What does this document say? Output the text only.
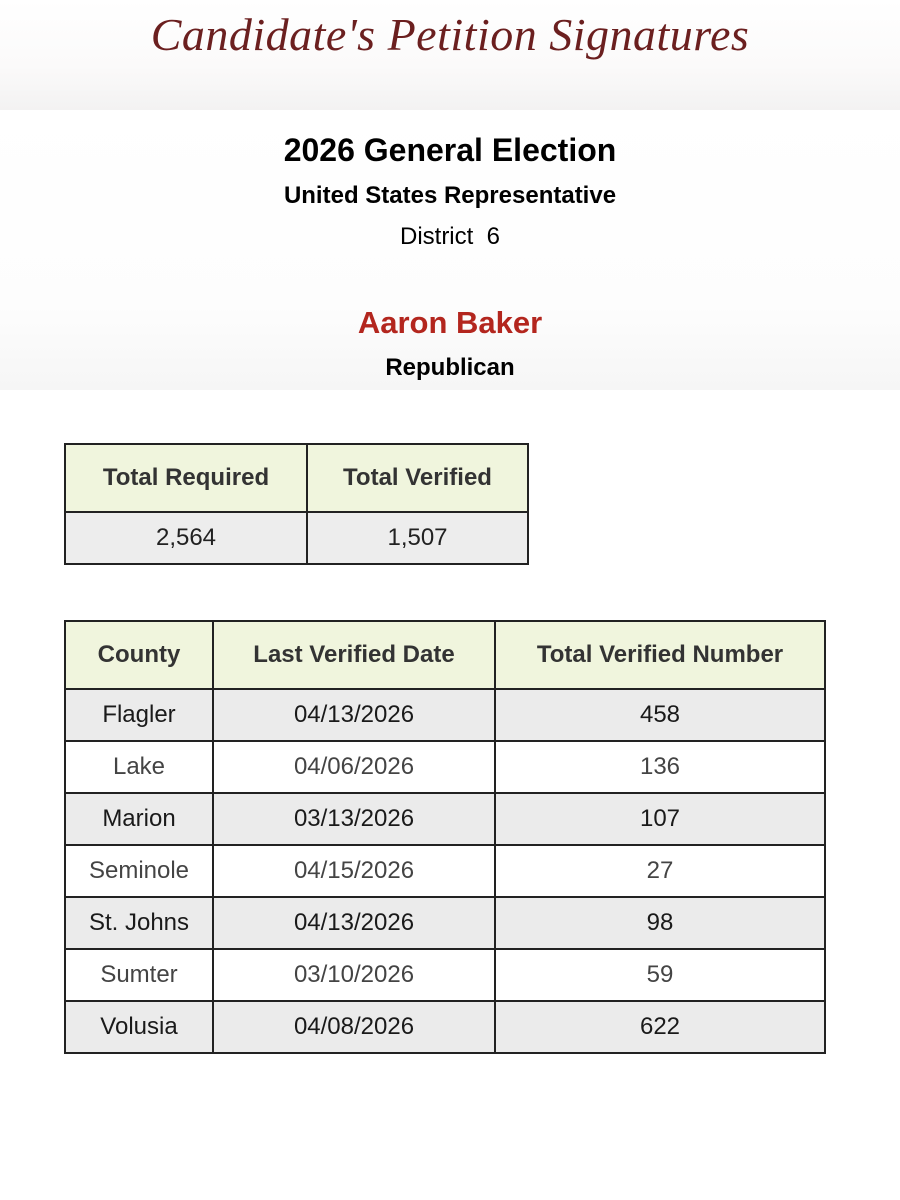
Candidate's Petition Signatures
2026 General Election
United States Representative
District  6
Aaron Baker
Republican
Total Required	Total Verified
2,564	1,507
County	Last Verified Date	Total Verified Number
Flagler	04/13/2026	458
Lake	04/06/2026	136
Marion	03/13/2026	107
Seminole	04/15/2026	27
St. Johns	04/13/2026	98
Sumter	03/10/2026	59
Volusia	04/08/2026	622
